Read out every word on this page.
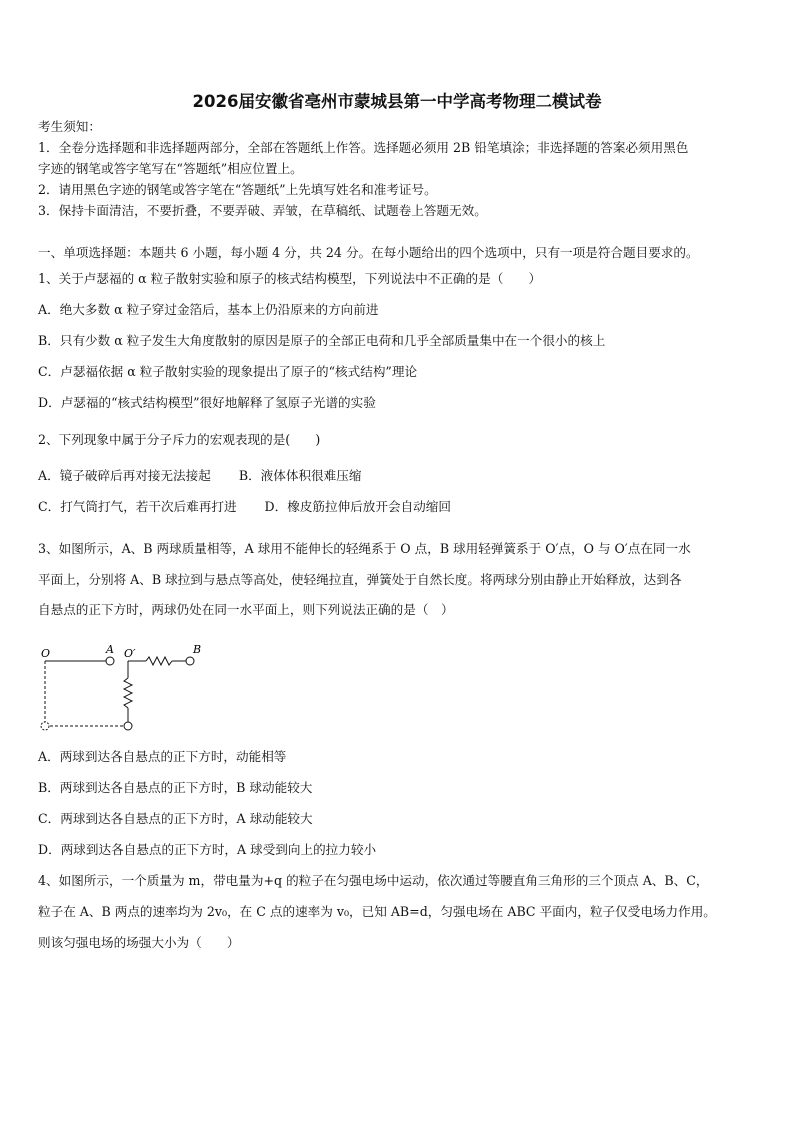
2026届安徽省亳州市蒙城县第一中学高考物理二模试卷
考生须知：
1．全卷分选择题和非选择题两部分，全部在答题纸上作答。选择题必须用 2B 铅笔填涂；非选择题的答案必须用黑色
字迹的钢笔或答字笔写在“答题纸”相应位置上。
2．请用黑色字迹的钢笔或答字笔在“答题纸”上先填写姓名和准考证号。
3．保持卡面清洁，不要折叠，不要弄破、弄皱，在草稿纸、试题卷上答题无效。
一、单项选择题：本题共 6 小题，每小题 4 分，共 24 分。在每小题给出的四个选项中，只有一项是符合题目要求的。
1、关于卢瑟福的 α 粒子散射实验和原子的核式结构模型，下列说法中不正确的是（　　）
A．绝大多数 α 粒子穿过金箔后，基本上仍沿原来的方向前进
B．只有少数 α 粒子发生大角度散射的原因是原子的全部正电荷和几乎全部质量集中在一个很小的核上
C．卢瑟福依据 α 粒子散射实验的现象提出了原子的“核式结构”理论
D．卢瑟福的“核式结构模型”很好地解释了氢原子光谱的实验
2、下列现象中属于分子斥力的宏观表现的是(　　)
A．镜子破碎后再对接无法接起 B．液体体积很难压缩
C．打气筒打气，若干次后难再打进 D．橡皮筋拉伸后放开会自动缩回
3、如图所示，A、B 两球质量相等，A 球用不能伸长的轻绳系于 O 点，B 球用轻弹簧系于 O′点，O 与 O′点在同一水
平面上，分别将 A、B 球拉到与悬点等高处，使轻绳拉直，弹簧处于自然长度。将两球分别由静止开始释放，达到各
自悬点的正下方时，两球仍处在同一水平面上，则下列说法正确的是（　）
O	A O′	B
A．两球到达各自悬点的正下方时，动能相等
B．两球到达各自悬点的正下方时，B 球动能较大
C．两球到达各自悬点的正下方时，A 球动能较大
D．两球到达各自悬点的正下方时，A 球受到向上的拉力较小
4、如图所示，一个质量为 m，带电量为+q 的粒子在匀强电场中运动，依次通过等腰直角三角形的三个顶点 A、B、C，
粒子在 A、B 两点的速率均为 2v₀，在 C 点的速率为 v₀，已知 AB=d，匀强电场在 ABC 平面内，粒子仅受电场力作用。
则该匀强电场的场强大小为（　　）
